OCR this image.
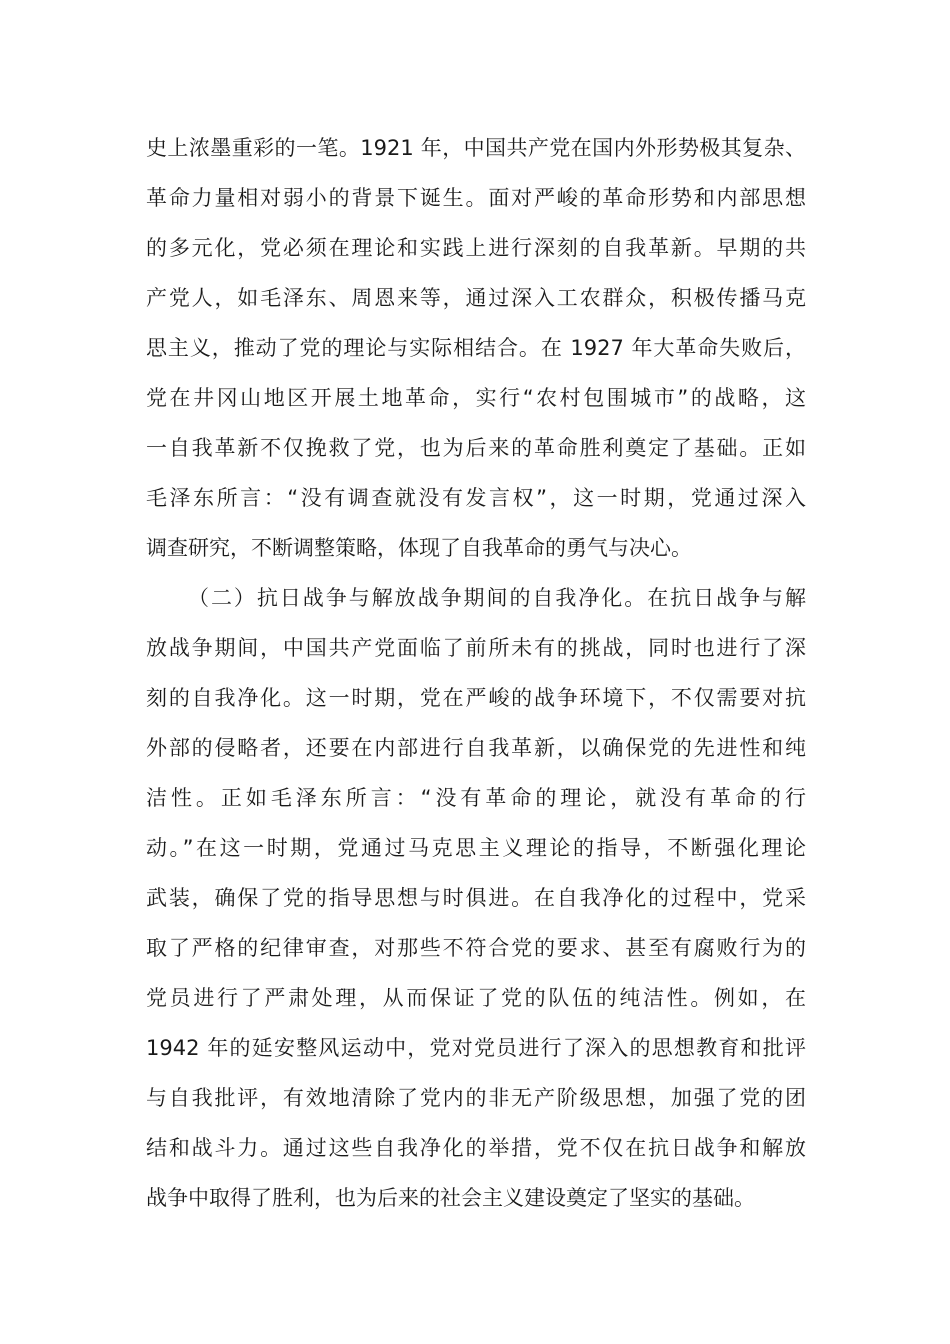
史上浓墨重彩的一笔。1921 年，中国共产党在国内外形势极其复杂、
革命力量相对弱小的背景下诞生。面对严峻的革命形势和内部思想
的多元化，党必须在理论和实践上进行深刻的自我革新。早期的共
产党人，如毛泽东、周恩来等，通过深入工农群众，积极传播马克
思主义，推动了党的理论与实际相结合。在 1927 年大革命失败后，
党在井冈山地区开展土地革命，实行“农村包围城市”的战略，这
一自我革新不仅挽救了党，也为后来的革命胜利奠定了基础。正如
毛泽东所言：“没有调查就没有发言权”，这一时期，党通过深入
调查研究，不断调整策略，体现了自我革命的勇气与决心。
（二）抗日战争与解放战争期间的自我净化。在抗日战争与解
放战争期间，中国共产党面临了前所未有的挑战，同时也进行了深
刻的自我净化。这一时期，党在严峻的战争环境下，不仅需要对抗
外部的侵略者，还要在内部进行自我革新，以确保党的先进性和纯
洁性。正如毛泽东所言：“没有革命的理论，就没有革命的行
动。”在这一时期，党通过马克思主义理论的指导，不断强化理论
武装，确保了党的指导思想与时俱进。在自我净化的过程中，党采
取了严格的纪律审查，对那些不符合党的要求、甚至有腐败行为的
党员进行了严肃处理，从而保证了党的队伍的纯洁性。例如，在
1942 年的延安整风运动中，党对党员进行了深入的思想教育和批评
与自我批评，有效地清除了党内的非无产阶级思想，加强了党的团
结和战斗力。通过这些自我净化的举措，党不仅在抗日战争和解放
战争中取得了胜利，也为后来的社会主义建设奠定了坚实的基础。
